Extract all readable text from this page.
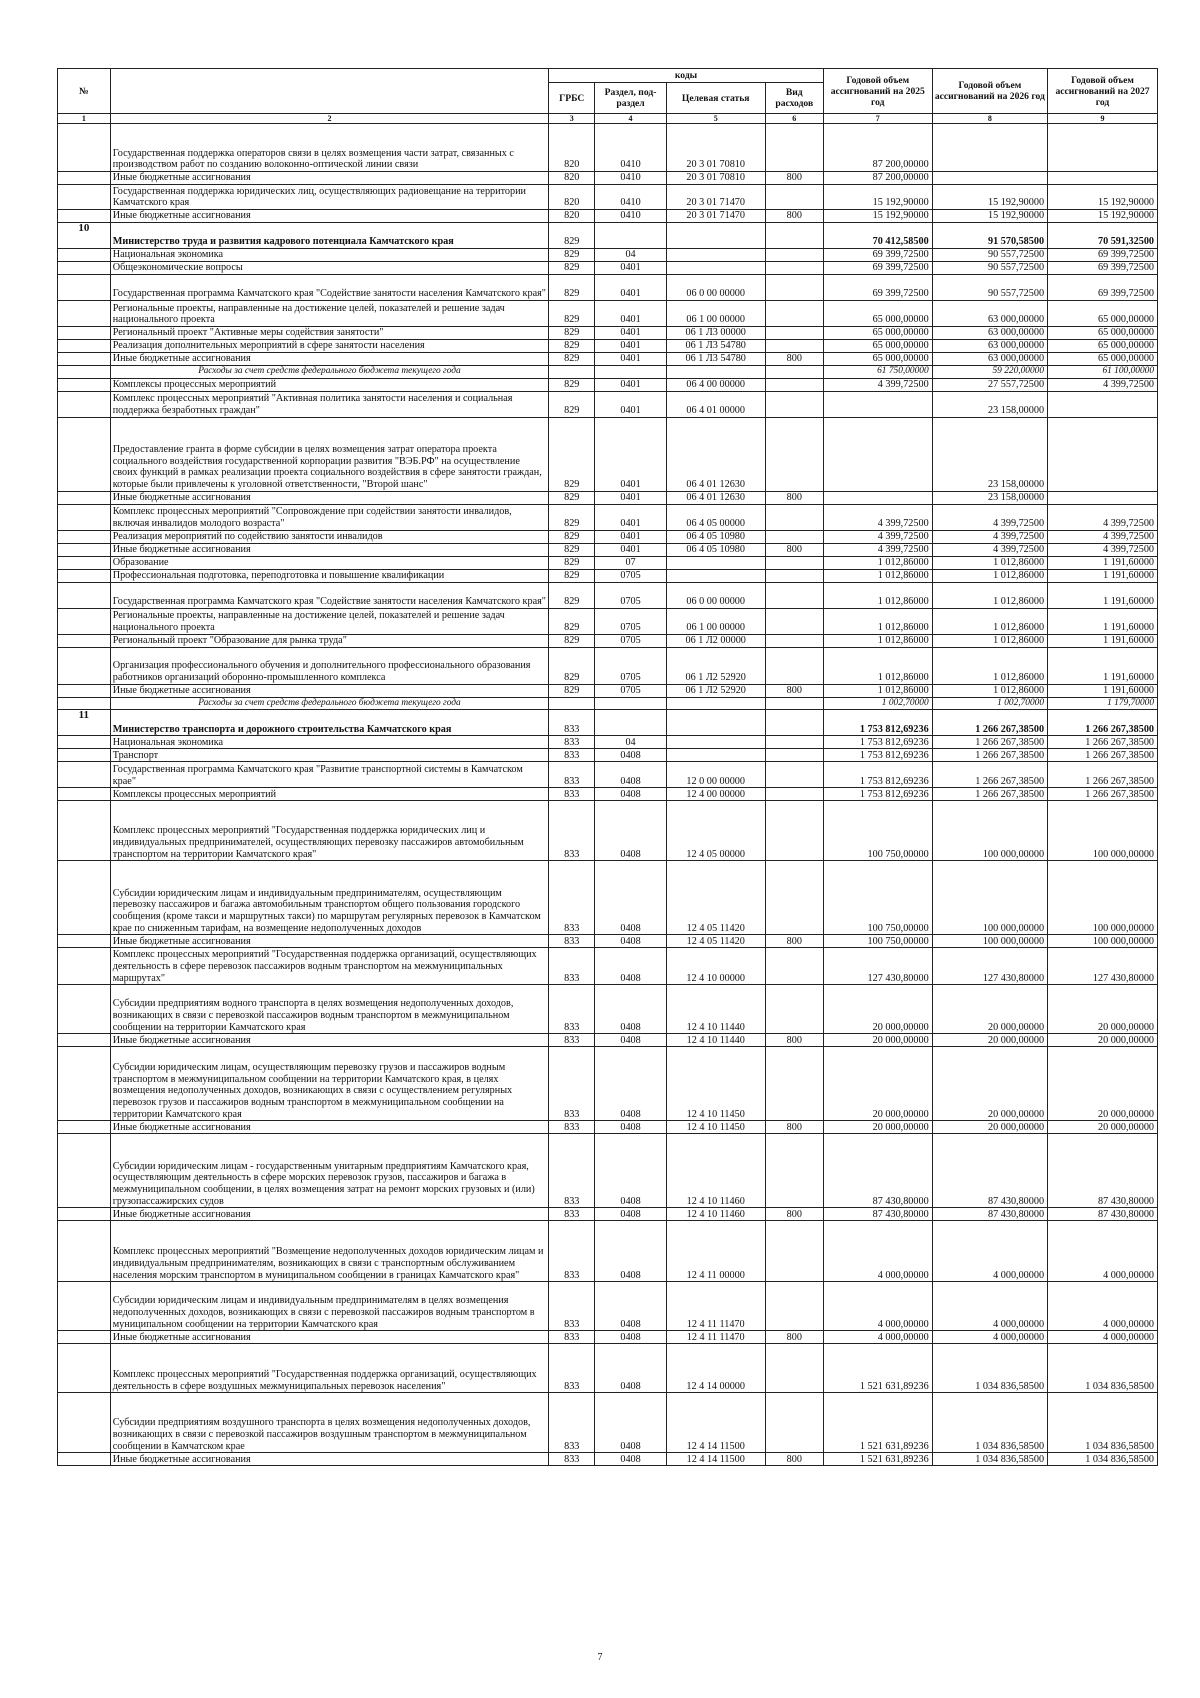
№		коды				Годовой объем ассигнований на 2025 год	Годовой объем ассигнований на 2026 год	Годовой объем ассигнований на 2027 год
		ГРБС	Раздел, под-раздел	Целевая статья	Вид расходов			
1	2	3	4	5	6	7	8	9
	Государственная поддержка операторов связи в целях возмещения части затрат, связанных с производством работ по созданию волоконно-оптической линии связи	820	0410	20 3 01 70810		87 200,00000		
	Иные бюджетные ассигнования	820	0410	20 3 01 70810	800	87 200,00000		
	Государственная поддержка юридических лиц, осуществляющих радиовещание на территории Камчатского края	820	0410	20 3 01 71470		15 192,90000	15 192,90000	15 192,90000
	Иные бюджетные ассигнования	820	0410	20 3 01 71470	800	15 192,90000	15 192,90000	15 192,90000
10	Министерство труда и развития кадрового потенциала Камчатского края	829				70 412,58500	91 570,58500	70 591,32500
	Национальная экономика	829	04			69 399,72500	90 557,72500	69 399,72500
	Общеэкономические вопросы	829	0401			69 399,72500	90 557,72500	69 399,72500
	Государственная программа Камчатского края "Содействие занятости населения Камчатского края"	829	0401	06 0 00 00000		69 399,72500	90 557,72500	69 399,72500
	Региональные проекты, направленные на достижение целей, показателей и решение задач национального проекта	829	0401	06 1 00 00000		65 000,00000	63 000,00000	65 000,00000
	Региональный проект "Активные меры содействия занятости"	829	0401	06 1 Л3 00000		65 000,00000	63 000,00000	65 000,00000
	Реализация дополнительных мероприятий в сфере занятости населения	829	0401	06 1 Л3 54780		65 000,00000	63 000,00000	65 000,00000
	Иные бюджетные ассигнования	829	0401	06 1 Л3 54780	800	65 000,00000	63 000,00000	65 000,00000
	Расходы за счет средств федерального бюджета текущего года					61 750,00000	59 220,00000	61 100,00000
	Комплексы процессных мероприятий	829	0401	06 4 00 00000		4 399,72500	27 557,72500	4 399,72500
	Комплекс процессных мероприятий "Активная политика занятости населения и социальная поддержка безработных граждан"	829	0401	06 4 01 00000			23 158,00000	
	Предоставление гранта в форме субсидии в целях возмещения затрат оператора проекта социального воздействия государственной корпорации развития "ВЭБ.РФ" на осуществление своих функций в рамках реализации проекта социального воздействия в сфере занятости граждан, которые были привлечены к уголовной ответственности, "Второй шанс"	829	0401	06 4 01 12630			23 158,00000	
	Иные бюджетные ассигнования	829	0401	06 4 01 12630	800		23 158,00000	
	Комплекс процессных мероприятий "Сопровождение при содействии занятости инвалидов, включая инвалидов молодого возраста"	829	0401	06 4 05 00000		4 399,72500	4 399,72500	4 399,72500
	Реализация мероприятий по содействию занятости инвалидов	829	0401	06 4 05 10980		4 399,72500	4 399,72500	4 399,72500
	Иные бюджетные ассигнования	829	0401	06 4 05 10980	800	4 399,72500	4 399,72500	4 399,72500
	Образование	829	07			1 012,86000	1 012,86000	1 191,60000
	Профессиональная подготовка, переподготовка и повышение квалификации	829	0705			1 012,86000	1 012,86000	1 191,60000
	Государственная программа Камчатского края "Содействие занятости населения Камчатского края"	829	0705	06 0 00 00000		1 012,86000	1 012,86000	1 191,60000
	Региональные проекты, направленные на достижение целей, показателей и решение задач национального проекта	829	0705	06 1 00 00000		1 012,86000	1 012,86000	1 191,60000
	Региональный проект "Образование для рынка труда"	829	0705	06 1 Л2 00000		1 012,86000	1 012,86000	1 191,60000
	Организация профессионального обучения и дополнительного профессионального образования работников организаций оборонно-промышленного комплекса	829	0705	06 1 Л2 52920		1 012,86000	1 012,86000	1 191,60000
	Иные бюджетные ассигнования	829	0705	06 1 Л2 52920	800	1 012,86000	1 012,86000	1 191,60000
	Расходы за счет средств федерального бюджета текущего года					1 002,70000	1 002,70000	1 179,70000
11	Министерство транспорта и дорожного строительства Камчатского края	833				1 753 812,69236	1 266 267,38500	1 266 267,38500
	Национальная экономика	833	04			1 753 812,69236	1 266 267,38500	1 266 267,38500
	Транспорт	833	0408			1 753 812,69236	1 266 267,38500	1 266 267,38500
	Государственная программа Камчатского края "Развитие транспортной системы в Камчатском крае"	833	0408	12 0 00 00000		1 753 812,69236	1 266 267,38500	1 266 267,38500
	Комплексы процессных мероприятий	833	0408	12 4 00 00000		1 753 812,69236	1 266 267,38500	1 266 267,38500
	Комплекс процессных мероприятий "Государственная поддержка юридических лиц и индивидуальных предпринимателей, осуществляющих перевозку пассажиров автомобильным транспортом на территории Камчатского края"	833	0408	12 4 05 00000		100 750,00000	100 000,00000	100 000,00000
	Субсидии юридическим лицам и индивидуальным предпринимателям, осуществляющим перевозку пассажиров и багажа автомобильным транспортом общего пользования городского сообщения (кроме такси и маршрутных такси) по маршрутам регулярных перевозок в Камчатском крае по сниженным тарифам, на возмещение недополученных доходов	833	0408	12 4 05 11420		100 750,00000	100 000,00000	100 000,00000
	Иные бюджетные ассигнования	833	0408	12 4 05 11420	800	100 750,00000	100 000,00000	100 000,00000
	Комплекс процессных мероприятий "Государственная поддержка организаций, осуществляющих деятельность в сфере перевозок пассажиров водным транспортом на межмуниципальных маршрутах"	833	0408	12 4 10 00000		127 430,80000	127 430,80000	127 430,80000
	Субсидии предприятиям водного транспорта в целях возмещения недополученных доходов, возникающих в связи с перевозкой пассажиров водным транспортом в межмуниципальном сообщении на территории Камчатского края	833	0408	12 4 10 11440		20 000,00000	20 000,00000	20 000,00000
	Иные бюджетные ассигнования	833	0408	12 4 10 11440	800	20 000,00000	20 000,00000	20 000,00000
	Субсидии юридическим лицам, осуществляющим перевозку грузов и пассажиров водным транспортом в межмуниципальном сообщении на территории Камчатского края, в целях возмещения недополученных доходов, возникающих в связи с осуществлением регулярных перевозок грузов и пассажиров водным транспортом в межмуниципальном сообщении на территории Камчатского края	833	0408	12 4 10 11450		20 000,00000	20 000,00000	20 000,00000
	Иные бюджетные ассигнования	833	0408	12 4 10 11450	800	20 000,00000	20 000,00000	20 000,00000
	Субсидии юридическим лицам - государственным унитарным предприятиям Камчатского края, осуществляющим деятельность в сфере морских перевозок грузов, пассажиров и багажа в межмуниципальном сообщении, в целях возмещения затрат на ремонт морских грузовых и (или) грузопассажирских судов	833	0408	12 4 10 11460		87 430,80000	87 430,80000	87 430,80000
	Иные бюджетные ассигнования	833	0408	12 4 10 11460	800	87 430,80000	87 430,80000	87 430,80000
	Комплекс процессных мероприятий "Возмещение недополученных доходов юридическим лицам и индивидуальным предпринимателям, возникающих в связи с транспортным обслуживанием населения морским транспортом в муниципальном сообщении в границах Камчатского края"	833	0408	12 4 11 00000		4 000,00000	4 000,00000	4 000,00000
	Субсидии юридическим лицам и индивидуальным предпринимателям в целях возмещения недополученных доходов, возникающих в связи с перевозкой пассажиров водным транспортом в муниципальном сообщении на территории Камчатского края	833	0408	12 4 11 11470		4 000,00000	4 000,00000	4 000,00000
	Иные бюджетные ассигнования	833	0408	12 4 11 11470	800	4 000,00000	4 000,00000	4 000,00000
	Комплекс процессных мероприятий "Государственная поддержка организаций, осуществляющих деятельность в сфере воздушных межмуниципальных перевозок населения"	833	0408	12 4 14 00000		1 521 631,89236	1 034 836,58500	1 034 836,58500
	Субсидии предприятиям воздушного транспорта в целях возмещения недополученных доходов, возникающих в связи с перевозкой пассажиров воздушным транспортом в межмуниципальном сообщении в Камчатском крае	833	0408	12 4 14 11500		1 521 631,89236	1 034 836,58500	1 034 836,58500
	Иные бюджетные ассигнования	833	0408	12 4 14 11500	800	1 521 631,89236	1 034 836,58500	1 034 836,58500
7
